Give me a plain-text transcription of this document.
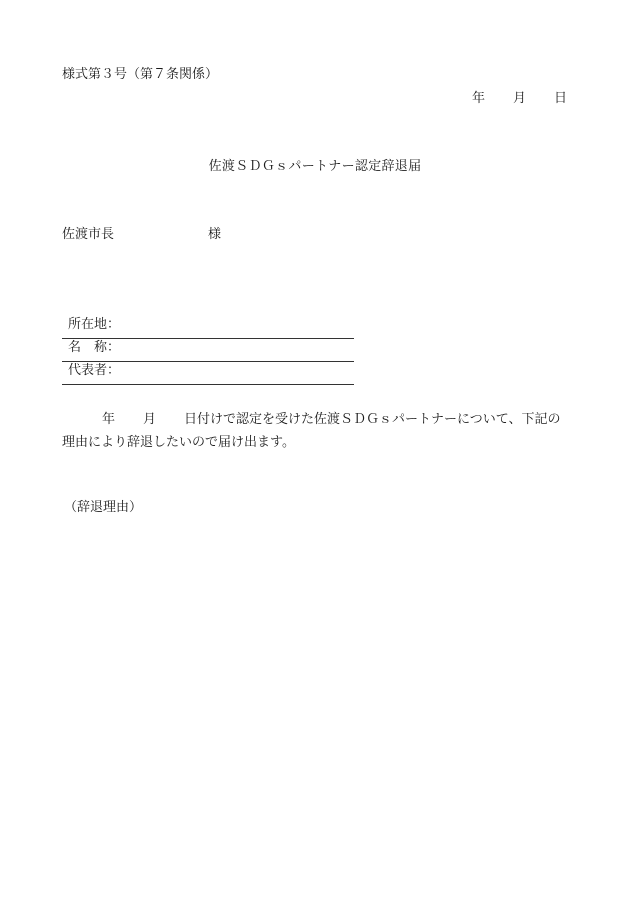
様式第３号（第７条関係）
年 月 日
佐渡ＳＤＧｓパートナー認定辞退届
佐渡市長	様
所在地：
名　称：
代表者：
年 月 日付けで認定を受けた佐渡ＳＤＧｓパートナーについて、下記の理由により辞退したいので届け出ます。
（辞退理由）
